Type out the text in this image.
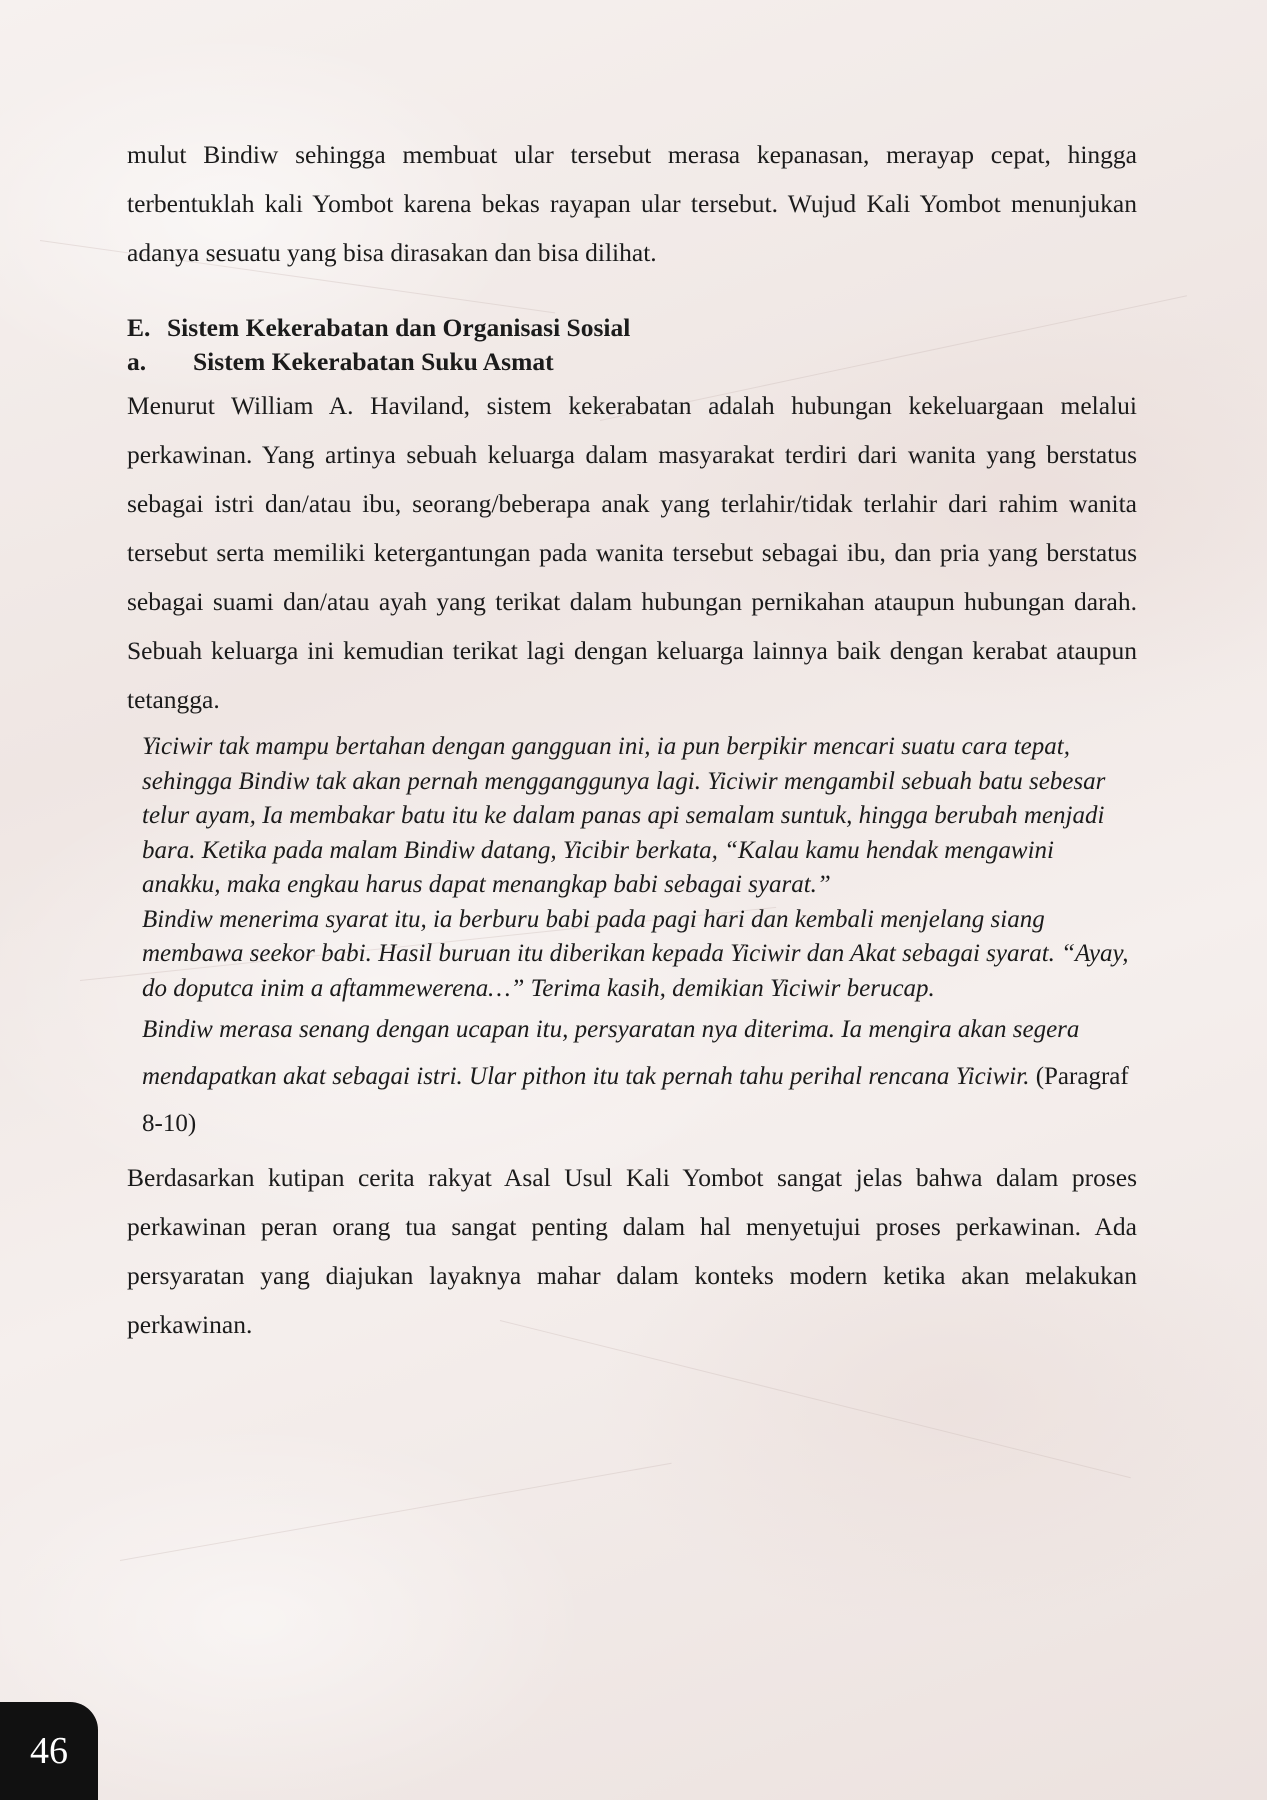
mulut Bindiw sehingga membuat ular tersebut merasa kepanasan, merayap cepat, hingga terbentuklah kali Yombot karena bekas rayapan ular tersebut. Wujud Kali Yombot menunjukan adanya sesuatu yang bisa dirasakan dan bisa dilihat.

E. Sistem Kekerabatan dan Organisasi Sosial
a. Sistem Kekerabatan Suku Asmat

Menurut William A. Haviland, sistem kekerabatan adalah hubungan kekeluargaan melalui perkawinan. Yang artinya sebuah keluarga dalam masyarakat terdiri dari wanita yang berstatus sebagai istri dan/atau ibu, seorang/beberapa anak yang terlahir/tidak terlahir dari rahim wanita tersebut serta memiliki ketergantungan pada wanita tersebut sebagai ibu, dan pria yang berstatus sebagai suami dan/atau ayah yang terikat dalam hubungan pernikahan ataupun hubungan darah. Sebuah keluarga ini kemudian terikat lagi dengan keluarga lainnya baik dengan kerabat ataupun tetangga.

Yiciwir tak mampu bertahan dengan gangguan ini, ia pun berpikir mencari suatu cara tepat, sehingga Bindiw tak akan pernah mengganggunya lagi. Yiciwir mengambil sebuah batu sebesar telur ayam, Ia membakar batu itu ke dalam panas api semalam suntuk, hingga berubah menjadi bara. Ketika pada malam Bindiw datang, Yicibir berkata, “Kalau kamu hendak mengawini anakku, maka engkau harus dapat menangkap babi sebagai syarat.”

Bindiw menerima syarat itu, ia berburu babi pada pagi hari dan kembali menjelang siang membawa seekor babi. Hasil buruan itu diberikan kepada Yiciwir dan Akat sebagai syarat. “Ayay, do doputca inim a aftammewerena…” Terima kasih, demikian Yiciwir berucap.

Bindiw merasa senang dengan ucapan itu, persyaratan nya diterima. Ia mengira akan segera mendapatkan akat sebagai istri. Ular pithon itu tak pernah tahu perihal rencana Yiciwir. (Paragraf 8-10)

Berdasarkan kutipan cerita rakyat Asal Usul Kali Yombot sangat jelas bahwa dalam proses perkawinan peran orang tua sangat penting dalam hal menyetujui proses perkawinan. Ada persyaratan yang diajukan layaknya mahar dalam konteks modern ketika akan melakukan perkawinan.

46
